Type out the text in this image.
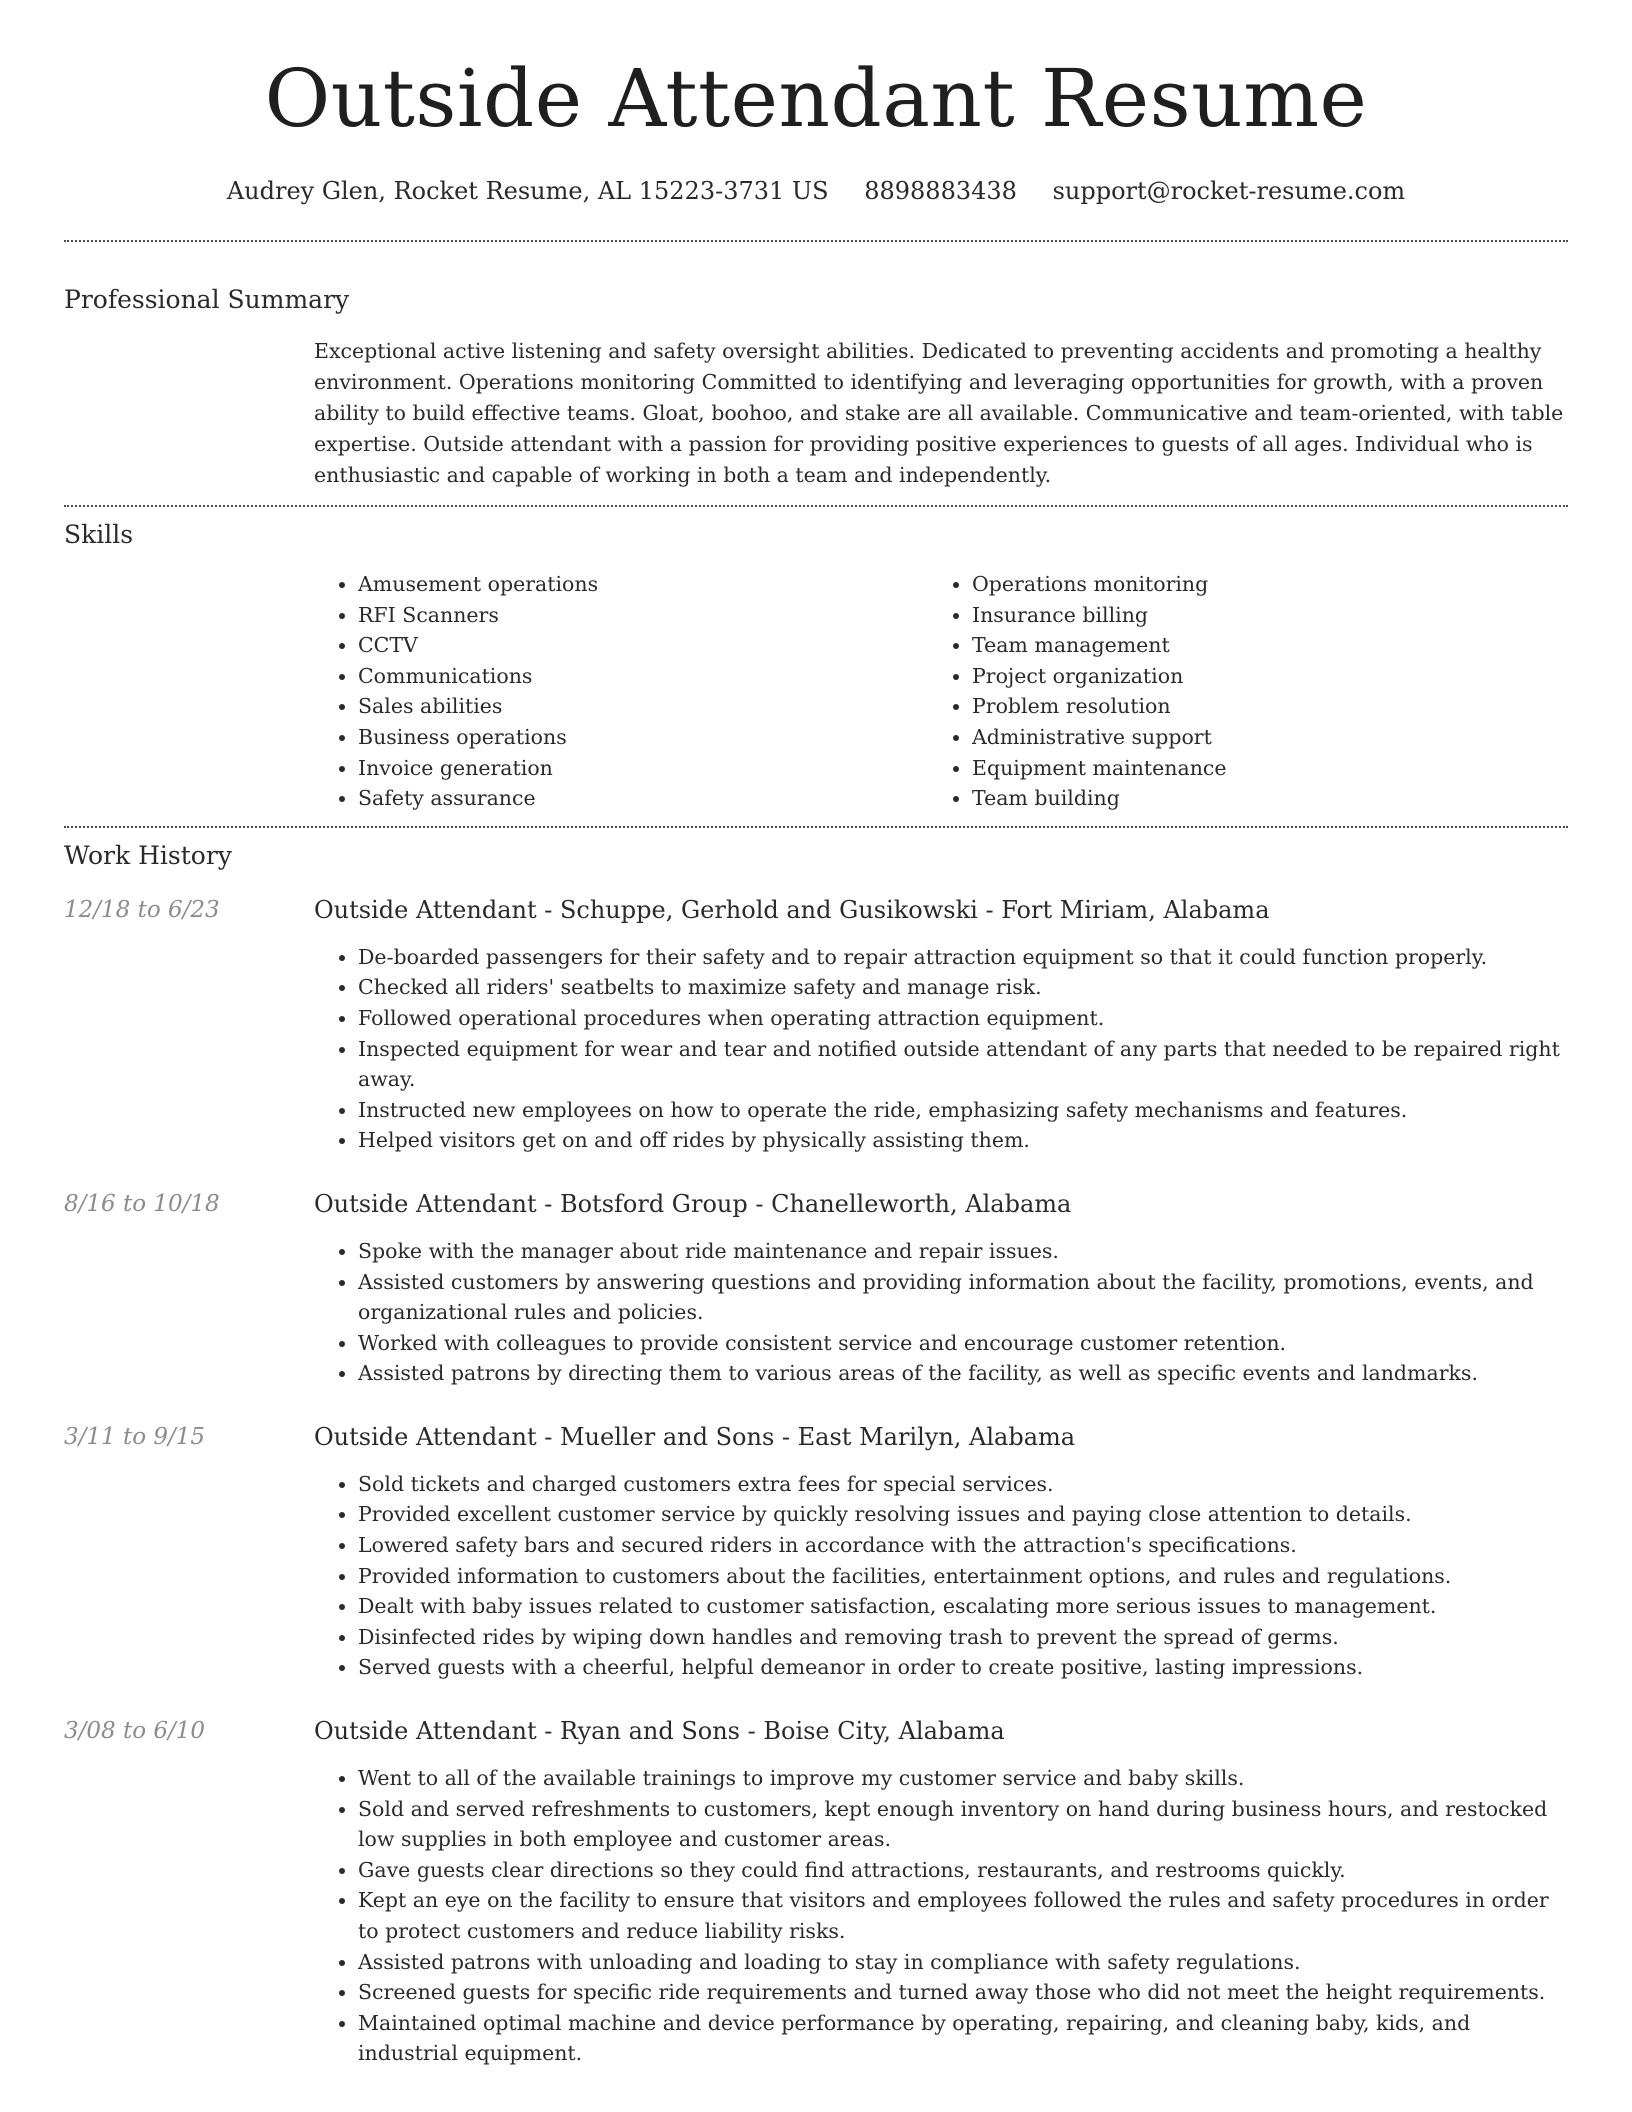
Outside Attendant Resume
Audrey Glen, Rocket Resume, AL 15223-3731 US 8898883438 support@rocket-resume.com
Professional Summary

Exceptional active listening and safety oversight abilities. Dedicated to preventing accidents and promoting a healthy environment. Operations monitoring Committed to identifying and leveraging opportunities for growth, with a proven ability to build effective teams. Gloat, boohoo, and stake are all available. Communicative and team-oriented, with table expertise. Outside attendant with a passion for providing positive experiences to guests of all ages. Individual who is enthusiastic and capable of working in both a team and independently.

Skills
• Amusement operations
• RFI Scanners
• CCTV
• Communications
• Sales abilities
• Business operations
• Invoice generation
• Safety assurance
• Operations monitoring
• Insurance billing
• Team management
• Project organization
• Problem resolution
• Administrative support
• Equipment maintenance
• Team building
Work History
12/18 to 6/23	Outside Attendant - Schuppe, Gerhold and Gusikowski - Fort Miriam, Alabama
• De-boarded passengers for their safety and to repair attraction equipment so that it could function properly.
• Checked all riders' seatbelts to maximize safety and manage risk.
• Followed operational procedures when operating attraction equipment.
• Inspected equipment for wear and tear and notified outside attendant of any parts that needed to be repaired right away.
• Instructed new employees on how to operate the ride, emphasizing safety mechanisms and features.
• Helped visitors get on and off rides by physically assisting them.
8/16 to 10/18	Outside Attendant - Botsford Group - Chanelleworth, Alabama
• Spoke with the manager about ride maintenance and repair issues.
• Assisted customers by answering questions and providing information about the facility, promotions, events, and organizational rules and policies.
• Worked with colleagues to provide consistent service and encourage customer retention.
• Assisted patrons by directing them to various areas of the facility, as well as specific events and landmarks.
3/11 to 9/15	Outside Attendant - Mueller and Sons - East Marilyn, Alabama
• Sold tickets and charged customers extra fees for special services.
• Provided excellent customer service by quickly resolving issues and paying close attention to details.
• Lowered safety bars and secured riders in accordance with the attraction's specifications.
• Provided information to customers about the facilities, entertainment options, and rules and regulations.
• Dealt with baby issues related to customer satisfaction, escalating more serious issues to management.
• Disinfected rides by wiping down handles and removing trash to prevent the spread of germs.
• Served guests with a cheerful, helpful demeanor in order to create positive, lasting impressions.
3/08 to 6/10	Outside Attendant - Ryan and Sons - Boise City, Alabama
• Went to all of the available trainings to improve my customer service and baby skills.
• Sold and served refreshments to customers, kept enough inventory on hand during business hours, and restocked low supplies in both employee and customer areas.
• Gave guests clear directions so they could find attractions, restaurants, and restrooms quickly.
• Kept an eye on the facility to ensure that visitors and employees followed the rules and safety procedures in order to protect customers and reduce liability risks.
• Assisted patrons with unloading and loading to stay in compliance with safety regulations.
• Screened guests for specific ride requirements and turned away those who did not meet the height requirements.
• Maintained optimal machine and device performance by operating, repairing, and cleaning baby, kids, and industrial equipment.
